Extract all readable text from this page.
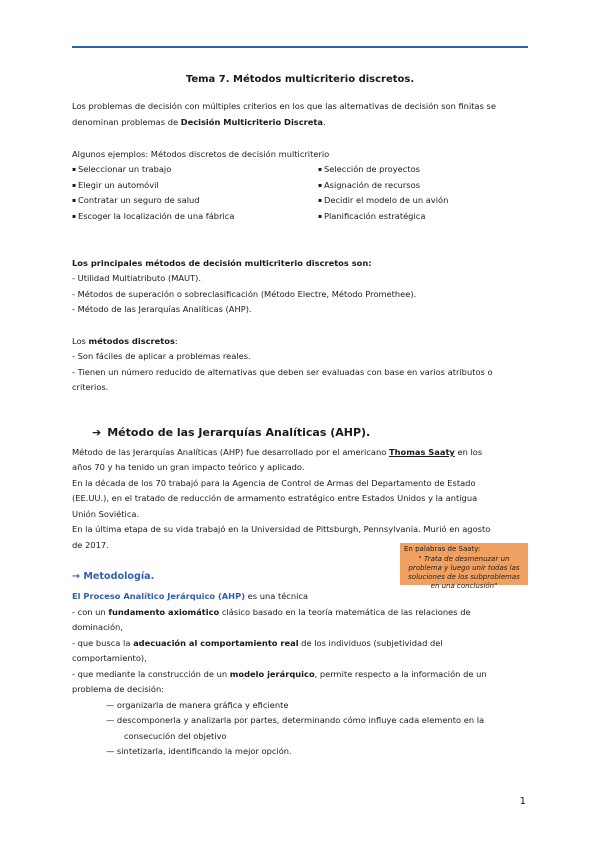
Tema 7. Métodos multicriterio discretos.
Los problemas de decisión con múltiples criterios en los que las alternativas de decisión son finitas se
denominan problemas de Decisión Multicriterio Discreta.
Algunos ejemplos: Métodos discretos de decisión multicriterio
▪ Seleccionar un trabajo
▪ Elegir un automóvil
▪ Contratar un seguro de salud
▪ Escoger la localización de una fábrica
▪ Selección de proyectos
▪ Asignación de recursos
▪ Decidir el modelo de un avión
▪ Planificación estratégica
Los principales métodos de decisión multicriterio discretos son:
- Utilidad Multiatributo (MAUT).
- Métodos de superación o sobreclasificación (Método Electre, Método Promethee).
- Método de las Jerarquías Analíticas (AHP).
Los métodos discretos:
- Son fáciles de aplicar a problemas reales.
- Tienen un número reducido de alternativas que deben ser evaluadas con base en varios atributos o
criterios.
➔ Método de las Jerarquías Analíticas (AHP).
Método de las Jerarquías Analíticas (AHP) fue desarrollado por el americano Thomas Saaty en los
años 70 y ha tenido un gran impacto teórico y aplicado.
En la década de los 70 trabajó para la Agencia de Control de Armas del Departamento de Estado
(EE.UU.), en el tratado de reducción de armamento estratégico entre Estados Unidos y la antigua
Unión Soviética.
En la última etapa de su vida trabajó en la Universidad de Pittsburgh, Pennsylvania. Murió en agosto
de 2017.	En palabras de Saaty:
" Trata de desmenuzar un problema y luego unir todas las soluciones de los subproblemas en una conclusión"
→ Metodología.
El Proceso Analítico Jerárquico (AHP) es una técnica
- con un fundamento axiomático clásico basado en la teoría matemática de las relaciones de
dominación,
- que busca la adecuación al comportamiento real de los individuos (subjetividad del
comportamiento),
- que mediante la construcción de un modelo jerárquico, permite respecto a la información de un
problema de decisión:
— organizarla de manera gráfica y eficiente
— descomponerla y analizarla por partes, determinando cómo influye cada elemento en la
consecución del objetivo
— sintetizarla, identificando la mejor opción.
1
